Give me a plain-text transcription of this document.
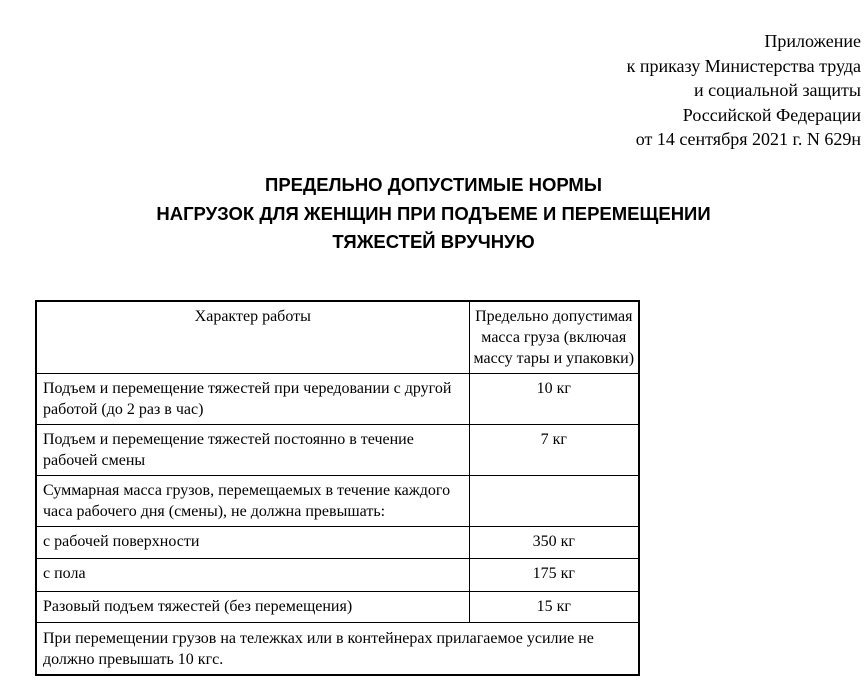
Приложение
к приказу Министерства труда
и социальной защиты
Российской Федерации
от 14 сентября 2021 г. N 629н
ПРЕДЕЛЬНО ДОПУСТИМЫЕ НОРМЫ
НАГРУЗОК ДЛЯ ЖЕНЩИН ПРИ ПОДЪЕМЕ И ПЕРЕМЕЩЕНИИ
ТЯЖЕСТЕЙ ВРУЧНУЮ
Характер работы	Предельно допустимая масса груза (включая массу тары и упаковки)
Подъем и перемещение тяжестей при чередовании с другой работой (до 2 раз в час)	10 кг
Подъем и перемещение тяжестей постоянно в течение рабочей смены	7 кг
Суммарная масса грузов, перемещаемых в течение каждого часа рабочего дня (смены), не должна превышать:	
с рабочей поверхности	350 кг
с пола	175 кг
Разовый подъем тяжестей (без перемещения)	15 кг
При перемещении грузов на тележках или в контейнерах прилагаемое усилие не должно превышать 10 кгс.	
